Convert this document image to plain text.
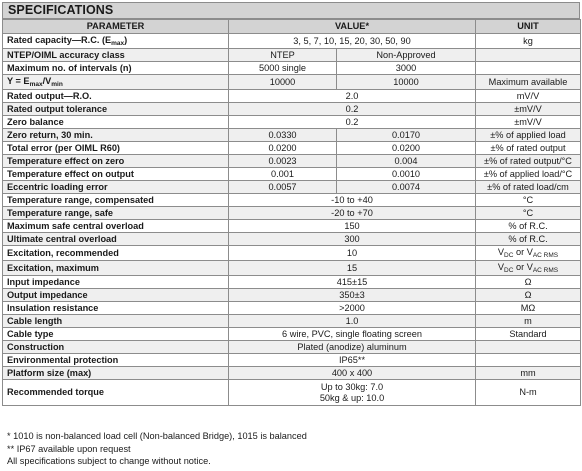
SPECIFICATIONS
PARAMETER	VALUE*		UNIT
Rated capacity—R.C. $(E_{max})$	3, 5, 7, 10, 15, 20, 30, 50, 90		kg
NTEP/OIML accuracy class	NTEP	Non-Approved	
Maximum no. of intervals (n)	5000 single	3000	
$Y = E_{max}/V_{min}$	10000	10000	Maximum available
Rated output—R.O.	2.0		mV/V
Rated output tolerance	0.2		±mV/V
Zero balance	0.2		±mV/V
Zero return, 30 min.	0.0330	0.0170	±% of applied load
Total error (per OIML R60)	0.0200	0.0200	±% of rated output
Temperature effect on zero	0.0023	0.004	±% of rated output/°C
Temperature effect on output	0.001	0.0010	±% of applied load/°C
Eccentric loading error	0.0057	0.0074	±% of rated load/cm
Temperature range, compensated	-10 to +40		°C
Temperature range, safe	-20 to +70		°C
Maximum safe central overload	150		% of R.C.
Ultimate central overload	300		% of R.C.
Excitation, recommended	10		$V_{DC}$ or $V_{AC RMS}$
Excitation, maximum	15		$V_{DC}$ or $V_{AC RMS}$
Input impedance	415±15		Ω
Output impedance	350±3		Ω
Insulation resistance	>2000		MΩ
Cable length	1.0		m
Cable type	6 wire, PVC, single floating screen		Standard
Construction	Plated (anodize) aluminum		
Environmental protection	IP65**		
Platform size (max)	400 x 400		mm
Recommended torque	Up to 30kg: 7.0
50kg & up: 10.0		N-m
* 1010 is non-balanced load cell (Non-balanced Bridge), 1015 is balanced
** IP67 available upon request
All specifications subject to change without notice.
